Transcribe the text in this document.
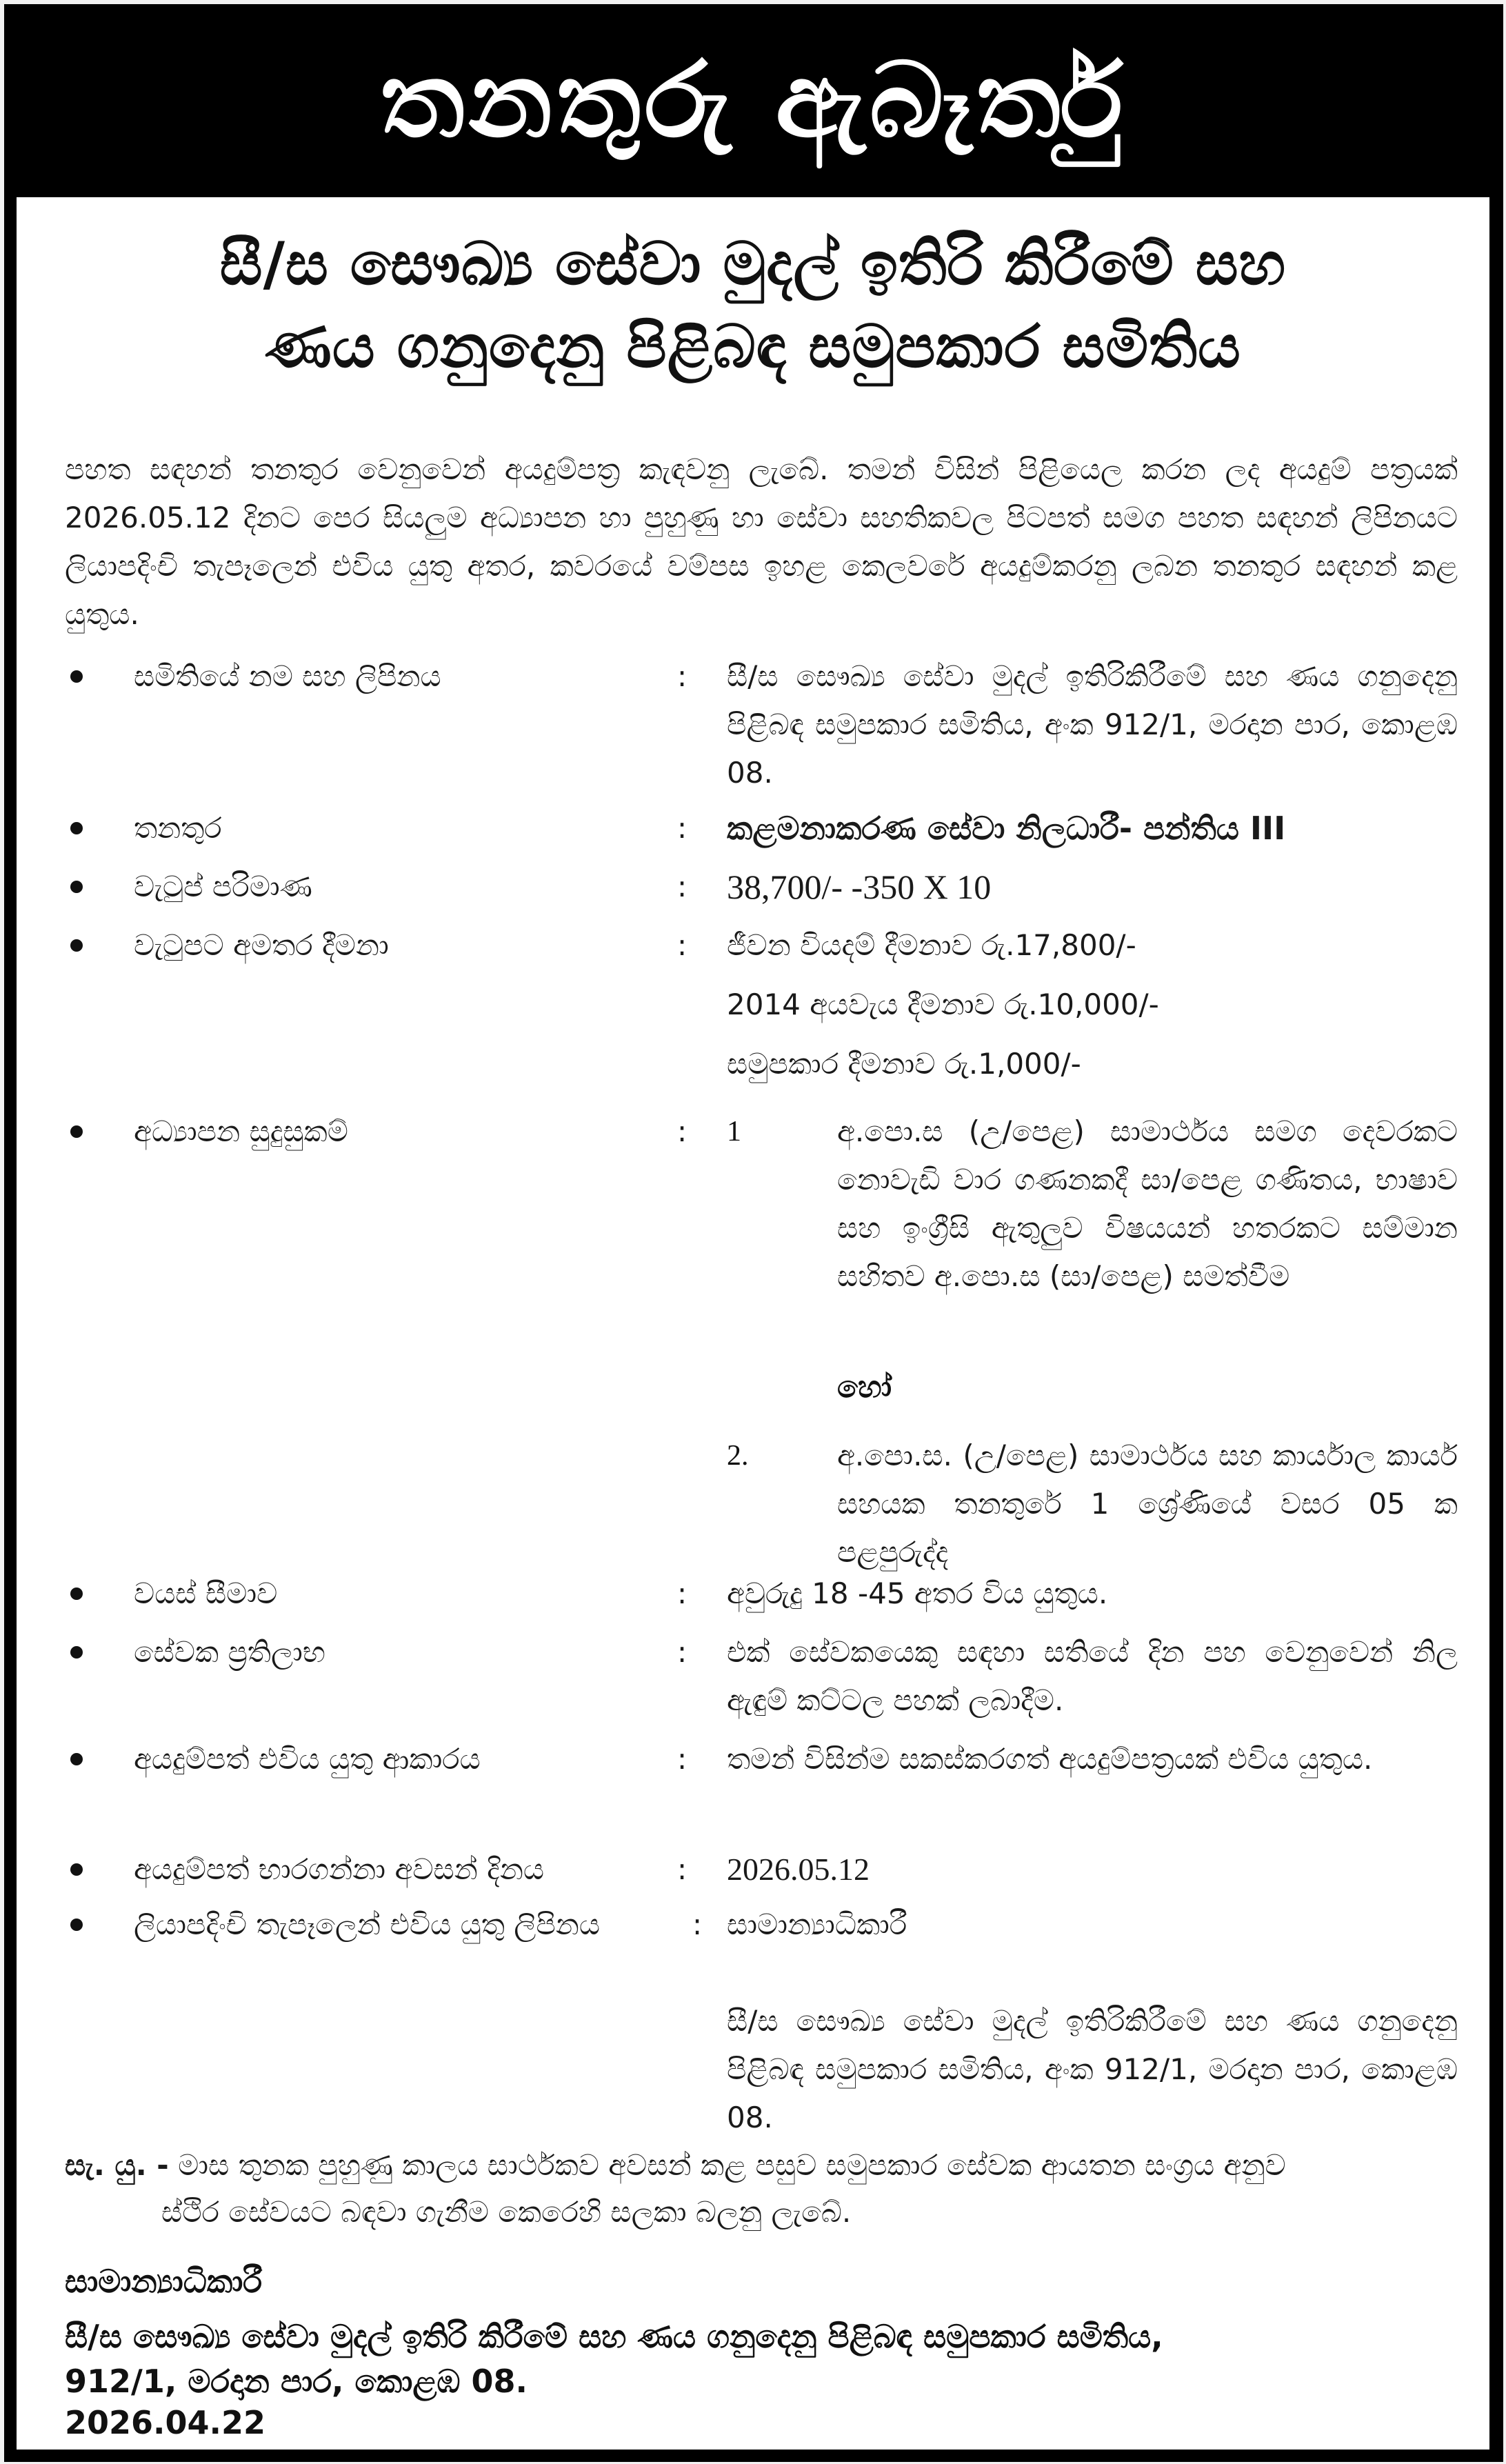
තනතුරු ඇබෑර්තු
සී/ස සෞඛ්‍ය සේවා මුදල් ඉතිරි කිරීමේ සහ
ණය ගනුදෙනු පිළිබඳ සමුපකාර සමිතිය
පහත සඳහන් තනතුර වෙනුවෙන් අයදුම්පත්‍ර කැඳවනු ලැබේ. තමන් විසින් පිළියෙල කරන ලද අයදුම් පත්‍රයක් 2026.05.12 දිනට පෙර සියලුම අධ්‍යාපන හා පුහුණු හා සේවා සහතිකවල පිටපත් සමග පහත සඳහන් ලිපිනයට ලියාපදිංචි තැපෑලෙන් එවිය යුතු අතර, කවරයේ වම්පස ඉහළ කෙලවරේ අයදුම්කරනු ලබන තනතුර සඳහන් කළ යුතුය.
සමිතියේ නම සහ ලිපිනය	: සී/ස සෞඛ්‍ය සේවා මුදල් ඉතිරිකිරීමේ සහ ණය ගනුදෙනු පිළිබඳ සමුපකාර සමිතිය, අංක 912/1, මරදාන පාර, කොළඹ 08.
තනතුර	: කළමනාකරණ සේවා නිලධාරී- පන්තිය III
වැටුප් පරිමාණ	: 38,700/- -350 X 10
වැටුපට අමතර දීමනා	: ජීවන වියදම් දීමනාව රු.17,800/-
2014 අයවැය දීමනාව රු.10,000/-
සමුපකාර දීමනාව රු.1,000/-
අධ්‍යාපන සුදුසුකම්	: 1	අ.පො.ස (උ/පෙළ) සාමාර්ථය සමග දෙවරකට නොවැඩි වාර ගණනකදී සා/පෙළ ගණිතය, භාෂාව සහ ඉංග්‍රීසි ඇතුලුව විෂයයන් හතරකට සම්මාන සහිතව අ.පො.ස (සා/පෙළ) සමත්වීම
හෝ
2.	අ.පො.ස. (උ/පෙළ) සාමාර්ථය සහ කාර්යාල කාර්ය සහයක තනතුරේ 1 ශ්‍රේණියේ වසර 05 ක පළපුරුද්ද
වයස් සීමාව	: අවුරුදු 18 -45 අතර විය යුතුය.
සේවක ප්‍රතිලාභ	: එක් සේවකයෙකු සඳහා සතියේ දින පහ වෙනුවෙන් නිල ඇඳුම් කට්ටල පහක් ලබාදීම.
අයදුම්පත් එවිය යුතු ආකාරය	: තමන් විසින්ම සකස්කරගත් අයදුම්පත්‍රයක් එවිය යුතුය.
අයදුම්පත් භාරගන්නා අවසන් දිනය	: 2026.05.12
ලියාපදිංචි තැපෑලෙන් එවිය යුතු ලිපිනය	: සාමාන්‍යාධිකාරී
සී/ස සෞඛ්‍ය සේවා මුදල් ඉතිරිකිරීමේ සහ ණය ගනුදෙනු පිළිබඳ සමුපකාර සමිතිය, අංක 912/1, මරදාන පාර, කොළඹ 08.
සැ. යු. - මාස තුනක පුහුණු කාලය සාර්ථකව අවසන් කළ පසුව සමුපකාර සේවක ආයතන සංග්‍රය අනුව
ස්ථිර සේවයට බඳවා ගැනීම කෙරෙහි සලකා බලනු ලැබේ.
සාමාන්‍යාධිකාරී
සී/ස සෞඛ්‍ය සේවා මුදල් ඉතිරි කිරීමේ සහ ණය ගනුදෙනු පිළිබඳ සමුපකාර සමිතිය,
912/1, මරදාන පාර, කොළඹ 08.
2026.04.22
